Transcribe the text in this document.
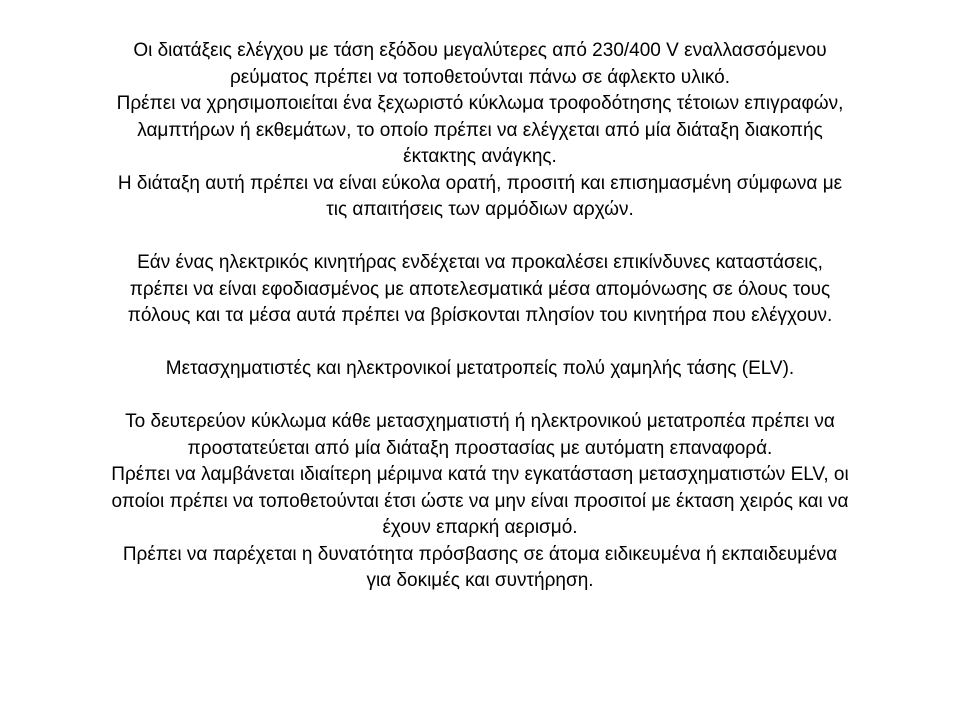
Οι διατάξεις ελέγχου με τάση εξόδου μεγαλύτερες από 230/400 V εναλλασσόμενου
ρεύματος πρέπει να τοποθετούνται πάνω σε άφλεκτο υλικό.
Πρέπει να χρησιμοποιείται ένα ξεχωριστό κύκλωμα τροφοδότησης τέτοιων επιγραφών,
λαμπτήρων ή εκθεμάτων, το οποίο πρέπει να ελέγχεται από μία διάταξη διακοπής
έκτακτης ανάγκης.
Η διάταξη αυτή πρέπει να είναι εύκολα ορατή, προσιτή και επισημασμένη σύμφωνα με
τις απαιτήσεις των αρμόδιων αρχών.
Εάν ένας ηλεκτρικός κινητήρας ενδέχεται να προκαλέσει επικίνδυνες καταστάσεις,
πρέπει να είναι εφοδιασμένος με αποτελεσματικά μέσα απομόνωσης σε όλους τους
πόλους και τα μέσα αυτά πρέπει να βρίσκονται πλησίον του κινητήρα που ελέγχουν.
Μετασχηματιστές και ηλεκτρονικοί μετατροπείς πολύ χαμηλής τάσης (ELV).
Το δευτερεύον κύκλωμα κάθε μετασχηματιστή ή ηλεκτρονικού μετατροπέα πρέπει να
προστατεύεται από μία διάταξη προστασίας με αυτόματη επαναφορά.
Πρέπει να λαμβάνεται ιδιαίτερη μέριμνα κατά την εγκατάσταση μετασχηματιστών ELV, οι
οποίοι πρέπει να τοποθετούνται έτσι ώστε να μην είναι προσιτοί με έκταση χειρός και να
έχουν επαρκή αερισμό.
Πρέπει να παρέχεται η δυνατότητα πρόσβασης σε άτομα ειδικευμένα ή εκπαιδευμένα
για δοκιμές και συντήρηση.
